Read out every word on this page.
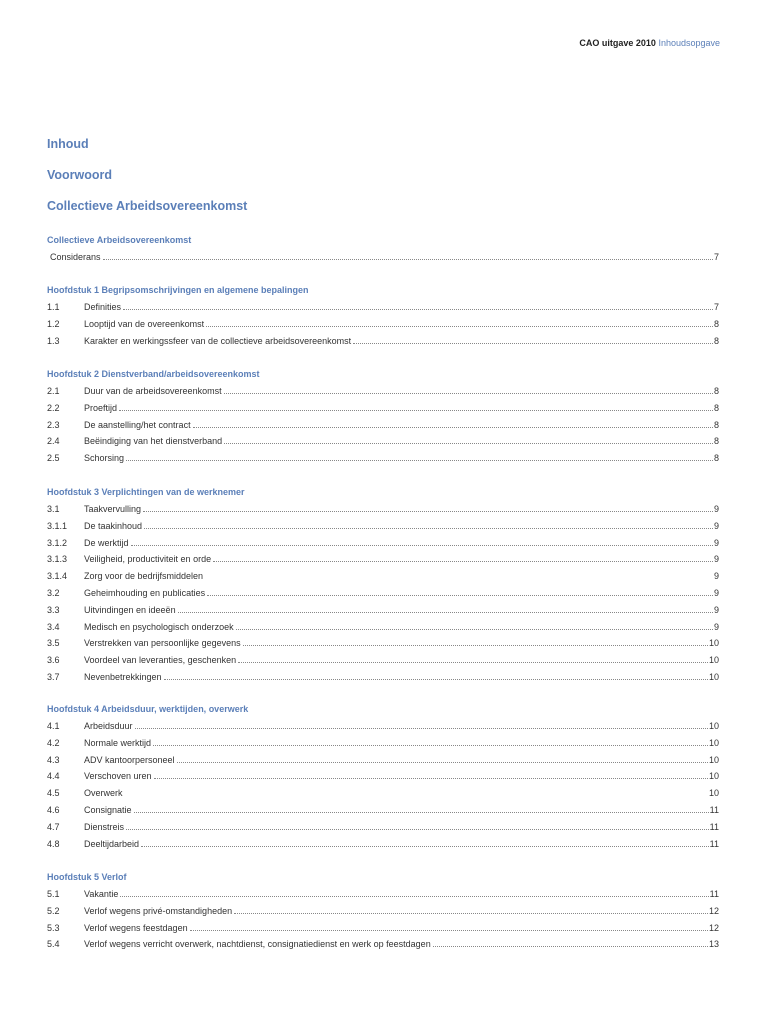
CAO uitgave 2010 Inhoudsopgave
Inhoud
Voorwoord
Collectieve Arbeidsovereenkomst
Collectieve Arbeidsovereenkomst
Considerans	7
Hoofdstuk 1 Begripsomschrijvingen en algemene bepalingen
1.1	Definities	7
1.2	Looptijd van de overeenkomst	8
1.3	Karakter en werkingssfeer van de collectieve arbeidsovereenkomst	8
Hoofdstuk 2 Dienstverband/arbeidsovereenkomst
2.1	Duur van de arbeidsovereenkomst	8
2.2	Proeftijd	8
2.3	De aanstelling/het contract	8
2.4	Beëindiging van het dienstverband	8
2.5	Schorsing	8
Hoofdstuk 3 Verplichtingen van de werknemer
3.1	Taakvervulling	9
3.1.1	De taakinhoud	9
3.1.2	De werktijd	9
3.1.3	Veiligheid, productiviteit en orde	9
3.1.4	Zorg voor de bedrijfsmiddelen	9
3.2	Geheimhouding en publicaties	9
3.3	Uitvindingen en ideeën	9
3.4	Medisch en psychologisch onderzoek	9
3.5	Verstrekken van persoonlijke gegevens	10
3.6	Voordeel van leveranties, geschenken	10
3.7	Nevenbetrekkingen	10
Hoofdstuk 4 Arbeidsduur, werktijden, overwerk
4.1	Arbeidsduur	10
4.2	Normale werktijd	10
4.3	ADV kantoorpersoneel	10
4.4	Verschoven uren	10
4.5	Overwerk	10
4.6	Consignatie	11
4.7	Dienstreis	11
4.8	Deeltijdarbeid	11
Hoofdstuk 5 Verlof
5.1	Vakantie	11
5.2	Verlof wegens privé-omstandigheden	12
5.3	Verlof wegens feestdagen	12
5.4	Verlof wegens verricht overwerk, nachtdienst, consignatiedienst en werk op feestdagen	13
